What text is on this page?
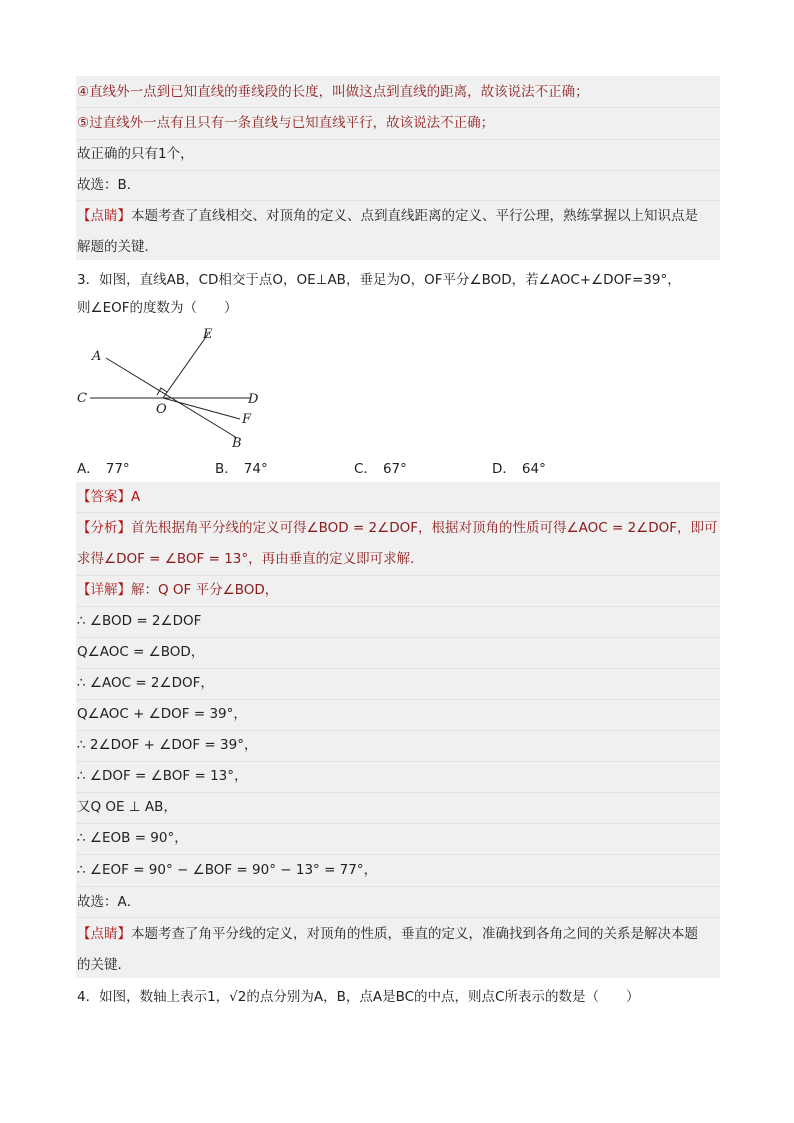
④直线外一点到已知直线的垂线段的长度，叫做这点到直线的距离，故该说法不正确；
⑤过直线外一点有且只有一条直线与已知直线平行，故该说法不正确；
故正确的只有1个，
故选：B．
【点睛】本题考查了直线相交、对顶角的定义、点到直线距离的定义、平行公理，熟练掌握以上知识点是
解题的关键．
3．如图，直线AB，CD相交于点O，OE⊥AB，垂足为O，OF平分∠BOD，若∠AOC+∠DOF=39°，
则∠EOF的度数为（　　）
A
C	D
E
F
O
B
A． 77°	B． 74°	C． 67°	D． 64°
【答案】A
【分析】首先根据角平分线的定义可得∠BOD = 2∠DOF，根据对顶角的性质可得∠AOC = 2∠DOF，即可
求得∠DOF = ∠BOF = 13°，再由垂直的定义即可求解．
【详解】解：Q OF 平分∠BOD，
∴ ∠BOD = 2∠DOF
Q∠AOC = ∠BOD，
∴ ∠AOC = 2∠DOF，
Q∠AOC + ∠DOF = 39°，
∴ 2∠DOF + ∠DOF = 39°，
∴ ∠DOF = ∠BOF = 13°，
又Q OE ⊥ AB，
∴ ∠EOB = 90°，
∴ ∠EOF = 90° − ∠BOF = 90° − 13° = 77°，
故选：A．
【点睛】本题考查了角平分线的定义，对顶角的性质，垂直的定义，准确找到各角之间的关系是解决本题
的关键．
4．如图，数轴上表示1，√2的点分别为A，B，点A是BC的中点，则点C所表示的数是（　　）
